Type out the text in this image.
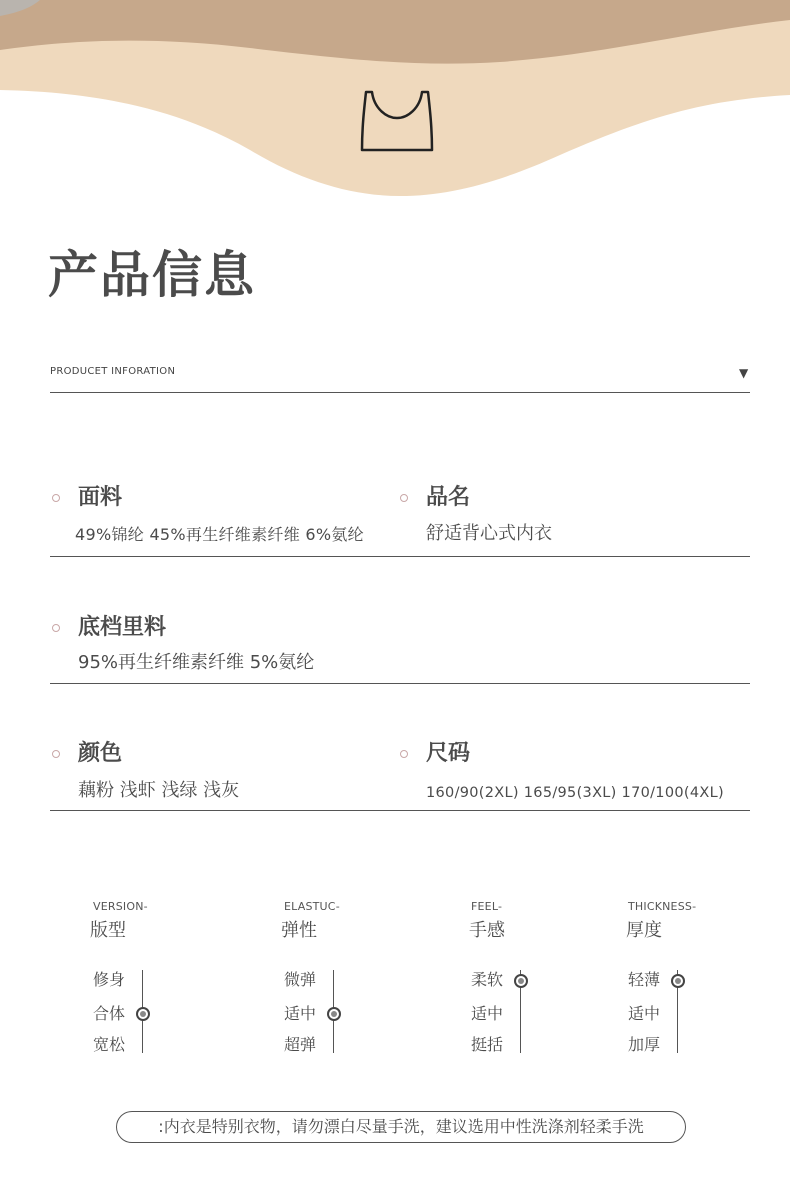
产品信息
PRODUCET INFORATION	▼
面料
49%锦纶 45%再生纤维素纤维 6%氨纶
品名
舒适背心式内衣
底档里料
95%再生纤维素纤维 5%氨纶
颜色
藕粉 浅虾 浅绿 浅灰
尺码
160/90(2XL) 165/95(3XL) 170/100(4XL)
VERSION-
版型
修身
合体
宽松
ELASTUC-
弹性
微弹
适中
超弹
FEEL-
手感
柔软
适中
挺括
THICKNESS-
厚度
轻薄
适中
加厚
:内衣是特别衣物，请勿漂白尽量手洗，建议选用中性洗涤剂轻柔手洗
